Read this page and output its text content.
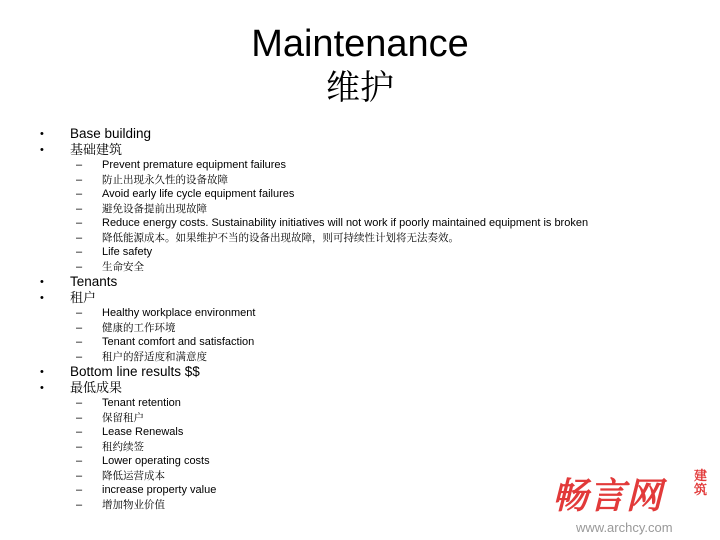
Maintenance
维护
• Base building
• 基础建筑
– Prevent premature equipment failures
– 防止出现永久性的设备故障
– Avoid early life cycle equipment failures
– 避免设备提前出现故障
– Reduce energy costs. Sustainability initiatives will not work if poorly maintained equipment is broken
– 降低能源成本。如果维护不当的设备出现故障，则可持续性计划将无法奏效。
– Life safety
– 生命安全
• Tenants
• 租户
– Healthy workplace environment
– 健康的工作环境
– Tenant comfort and satisfaction
– 租户的舒适度和满意度
• Bottom line results $$
• 最低成果
– Tenant retention
– 保留租户
– Lease Renewals
– 租约续签
– Lower operating costs
– 降低运营成本
– increase property value
– 增加物业价值	畅言网 建筑
www.archcy.com
